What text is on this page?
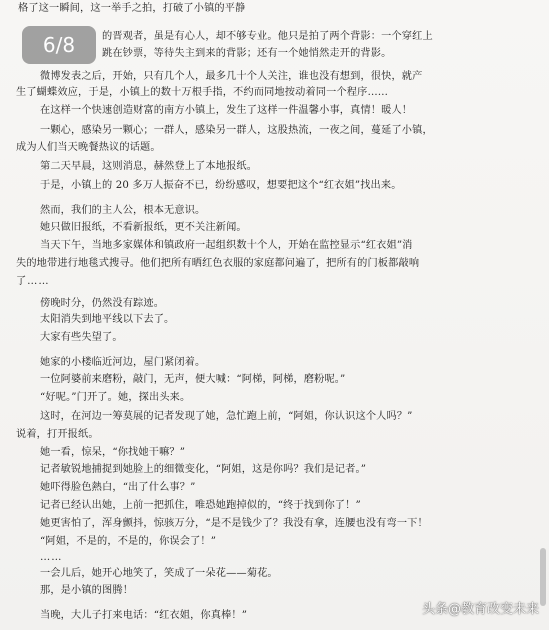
格了这一瞬间，这一举手之拍，打破了小镇的平静
6/8	的晋观者，虽是有心人，却不够专业。他只是拍了两个背影：一个穿红上
跳在钞票，等待失主到来的背影；还有一个她悄然走开的背影。
微博发表之后，开始，只有几个人，最多几十个人关注，谁也没有想到，很快，就产
生了蝴蝶效应，于是，小镇上的数十万根手指，不约而同地按动着同一个程序……
在这样一个快速创造财富的南方小镇上，发生了这样一件温馨小事，真情！暖人！
一颗心，感染另一颗心；一群人，感染另一群人，这股热流，一夜之间，蔓延了小镇，
成为人们当天晚餐热议的话题。
第二天早晨，这则消息，赫然登上了本地报纸。
于是，小镇上的 20 多万人振奋不已，纷纷感叹，想要把这个“红衣姐”找出来。
然而，我们的主人公，根本无意识。
她只做旧报纸，不看新报纸，更不关注新闻。
当天下午，当地多家媒体和镇政府一起组织数十个人，开始在监控显示“红衣姐”消
失的地带进行地毯式搜寻。他们把所有晒红色衣服的家庭都问遍了，把所有的门板都敲响
了……
傍晚时分，仍然没有踪迹。
太阳消失到地平线以下去了。
大家有些失望了。
她家的小楼临近河边，屋门紧闭着。
一位阿婆前来磨粉，敲门，无声，便大喊：“阿梯，阿梯，磨粉呢。”
“好呢。”门开了。她，探出头来。
这时，在河边一筹莫展的记者发现了她，急忙跑上前，“阿姐，你认识这个人吗？”
说着，打开报纸。
她一看，惊呆，“你找她干嘛？”
记者敏锐地捕捉到她脸上的细微变化，“阿姐，这是你吗？我们是记者。”
她吓得脸色熱白，“出了什么事？”
记者已经认出她，上前一把抓住，唯恐她跑掉似的，“终于找到你了！”
她更害怕了，浑身颤抖，惊骇万分，“是不是钱少了？我没有拿，连腰也没有弯一下！
“阿姐，不是的，不是的，你误会了！”
……
一会儿后，她开心地笑了，笑成了一朵花——菊花。
那，是小镇的图腾！
当晚，大儿子打来电话：“红衣姐，你真棒！”	头条@教育改变未来
